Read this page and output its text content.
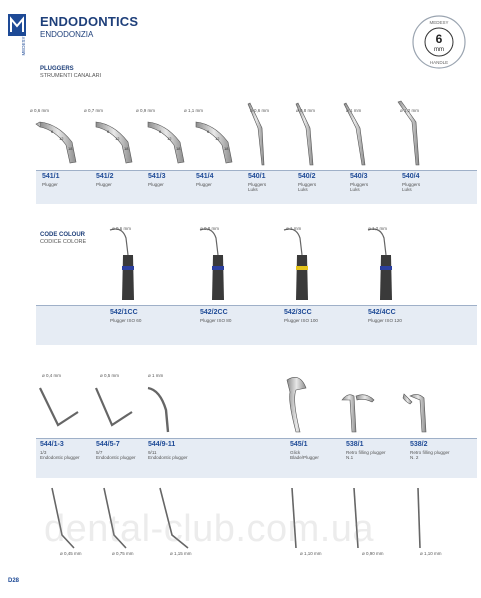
MEDESY
ENDODONTICS
ENDODONZIA	6
mm
MEDESY
HANDLE
PLUGGERS
STRUMENTI CANALARI
CODE COLOUR
CODICE COLORE
6
12
18
6
12
18
6
12
18
6
12
18
541/1
Plugger
ø 0,6 mm
541/2
Plugger
ø 0,7 mm
541/3
Plugger
ø 0,9 mm
541/4
Plugger
ø 1,1 mm
540/1
Pluggers
Luks
ø 0,6 mm
540/2
Pluggers
Luks
ø 0,8 mm
540/3
Pluggers
Luks
ø 1 mm
540/4
Pluggers
Luks
ø 1,2 mm
542/1CC
Plugger ISO 60
ø 0,6 mm
542/2CC
Plugger ISO 80
ø 0,8 mm
542/3CC
Plugger ISO 100
ø 1 mm
542/4CC
Plugger ISO 120
ø 1,2 mm
544/1-3
1/3
Endodontic plugger
ø 0,4 mm
544/5-7
5/7
Endodontic plugger
ø 0,5 mm
544/9-11
9/11
Endodontic plugger
ø 1 mm
545/1
Glick
Blade/Plugger
538/1
Retro filling plugger
N.1
538/2
Retro filling plugger
N. 2
ø 0,45 mm	ø 0,75 mm	ø 1,15 mm	ø 1,10 mm	ø 0,90 mm	ø 1,10 mm
dental-club.com.ua
D28
